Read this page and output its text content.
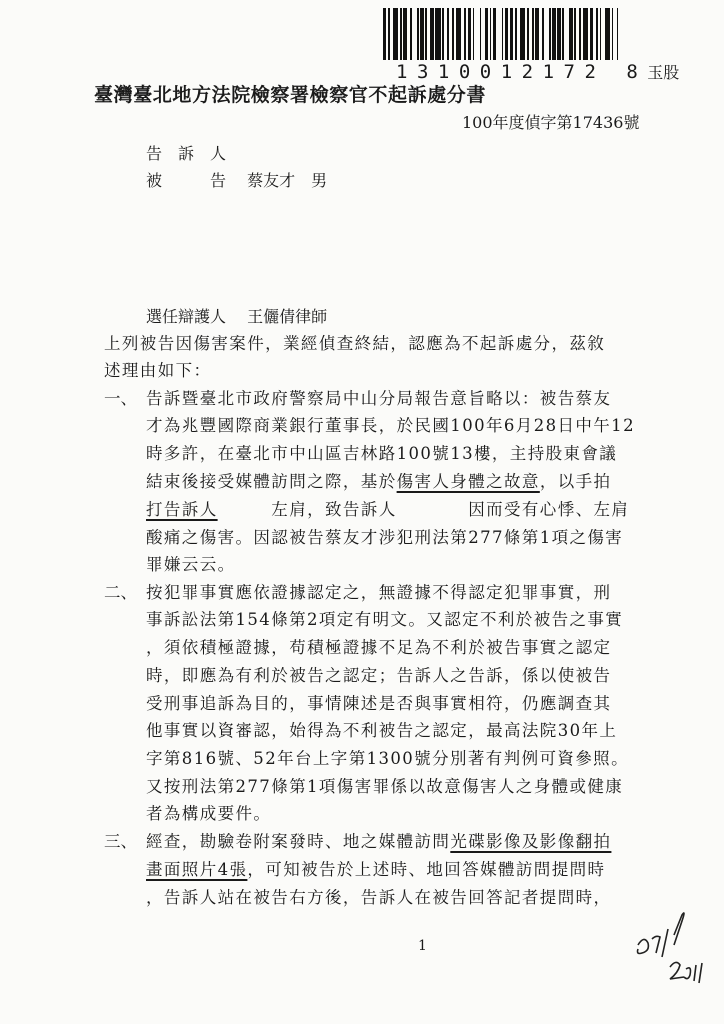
1310012172 8玉股
臺灣臺北地方法院檢察署檢察官不起訴處分書
100年度偵字第17436號
告　訴　人
被　　　告 蔡友才　男
選任辯護人 王儷倩律師
上列被告因傷害案件，業經偵查終結，認應為不起訴處分，茲敘
述理由如下：
一、 告訴暨臺北市政府警察局中山分局報告意旨略以：被告蔡友
才為兆豐國際商業銀行董事長，於民國100年6月28日中午12
時多許，在臺北市中山區吉林路100號13樓，主持股東會議
結束後接受媒體訪問之際，基於傷害人身體之故意，以手拍
打告訴人　　　左肩，致告訴人　　　　因而受有心悸、左肩
酸痛之傷害。因認被告蔡友才涉犯刑法第277條第1項之傷害
罪嫌云云。
二、 按犯罪事實應依證據認定之，無證據不得認定犯罪事實，刑
事訴訟法第154條第2項定有明文。又認定不利於被告之事實
，須依積極證據，苟積極證據不足為不利於被告事實之認定
時，即應為有利於被告之認定；告訴人之告訴，係以使被告
受刑事追訴為目的，事情陳述是否與事實相符，仍應調查其
他事實以資審認，始得為不利被告之認定，最高法院30年上
字第816號、52年台上字第1300號分別著有判例可資參照。
又按刑法第277條第1項傷害罪係以故意傷害人之身體或健康
者為構成要件。
三、 經查，勘驗卷附案發時、地之媒體訪問光碟影像及影像翻拍
畫面照片4張，可知被告於上述時、地回答媒體訪問提問時
，告訴人站在被告右方後，告訴人在被告回答記者提問時，
1
